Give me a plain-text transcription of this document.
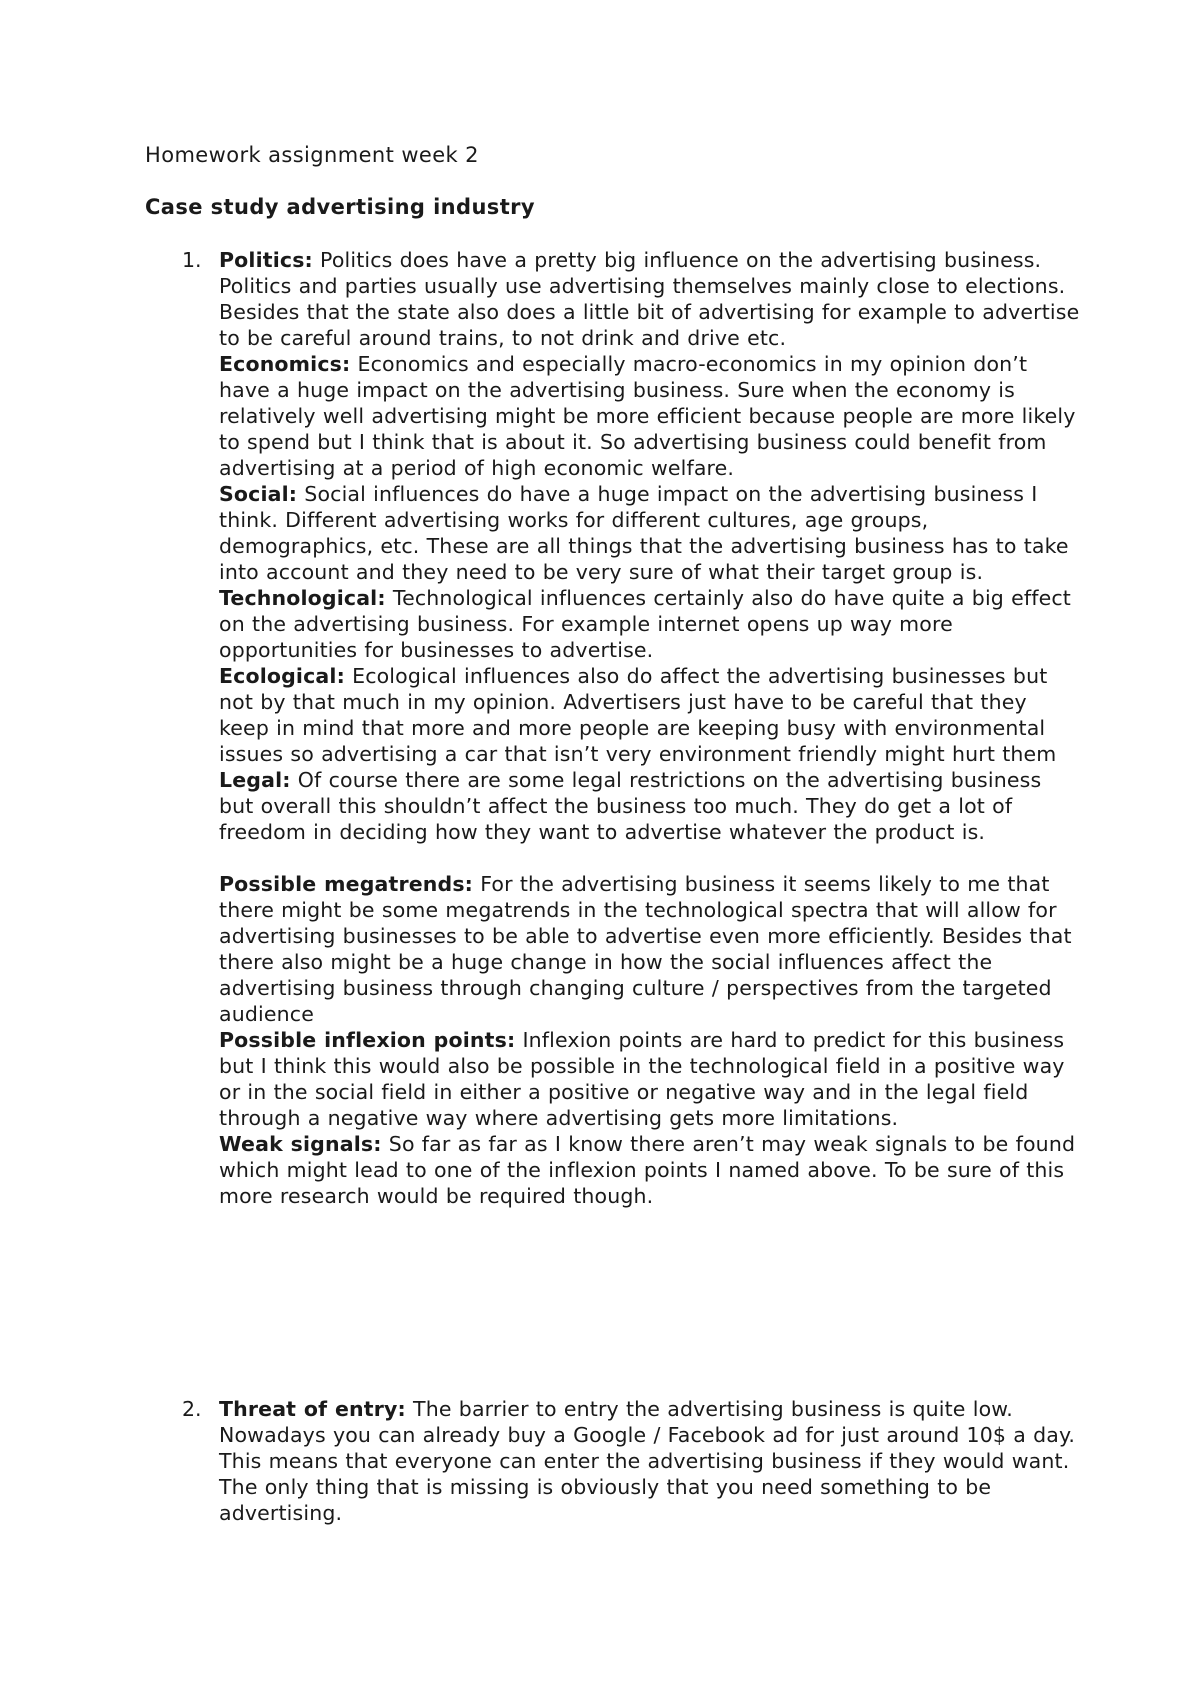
Homework assignment week 2
Case study advertising industry
1. Politics: Politics does have a pretty big influence on the advertising business. Politics and parties usually use advertising themselves mainly close to elections. Besides that the state also does a little bit of advertising for example to advertise to be careful around trains, to not drink and drive etc.

Economics: Economics and especially macro-economics in my opinion don’t have a huge impact on the advertising business. Sure when the economy is relatively well advertising might be more efficient because people are more likely to spend but I think that is about it. So advertising business could benefit from advertising at a period of high economic welfare.

Social: Social influences do have a huge impact on the advertising business I think. Different advertising works for different cultures, age groups, demographics, etc. These are all things that the advertising business has to take into account and they need to be very sure of what their target group is.

Technological: Technological influences certainly also do have quite a big effect on the advertising business. For example internet opens up way more opportunities for businesses to advertise.

Ecological: Ecological influences also do affect the advertising businesses but not by that much in my opinion. Advertisers just have to be careful that they keep in mind that more and more people are keeping busy with environmental issues so advertising a car that isn’t very environment friendly might hurt them

Legal: Of course there are some legal restrictions on the advertising business but overall this shouldn’t affect the business too much. They do get a lot of freedom in deciding how they want to advertise whatever the product is.

Possible megatrends: For the advertising business it seems likely to me that there might be some megatrends in the technological spectra that will allow for advertising businesses to be able to advertise even more efficiently. Besides that there also might be a huge change in how the social influences affect the advertising business through changing culture / perspectives from the targeted audience

Possible inflexion points: Inflexion points are hard to predict for this business but I think this would also be possible in the technological field in a positive way or in the social field in either a positive or negative way and in the legal field through a negative way where advertising gets more limitations.

Weak signals: So far as far as I know there aren’t may weak signals to be found which might lead to one of the inflexion points I named above. To be sure of this more research would be required though.

2. Threat of entry: The barrier to entry the advertising business is quite low. Nowadays you can already buy a Google / Facebook ad for just around 10$ a day. This means that everyone can enter the advertising business if they would want. The only thing that is missing is obviously that you need something to be advertising.
